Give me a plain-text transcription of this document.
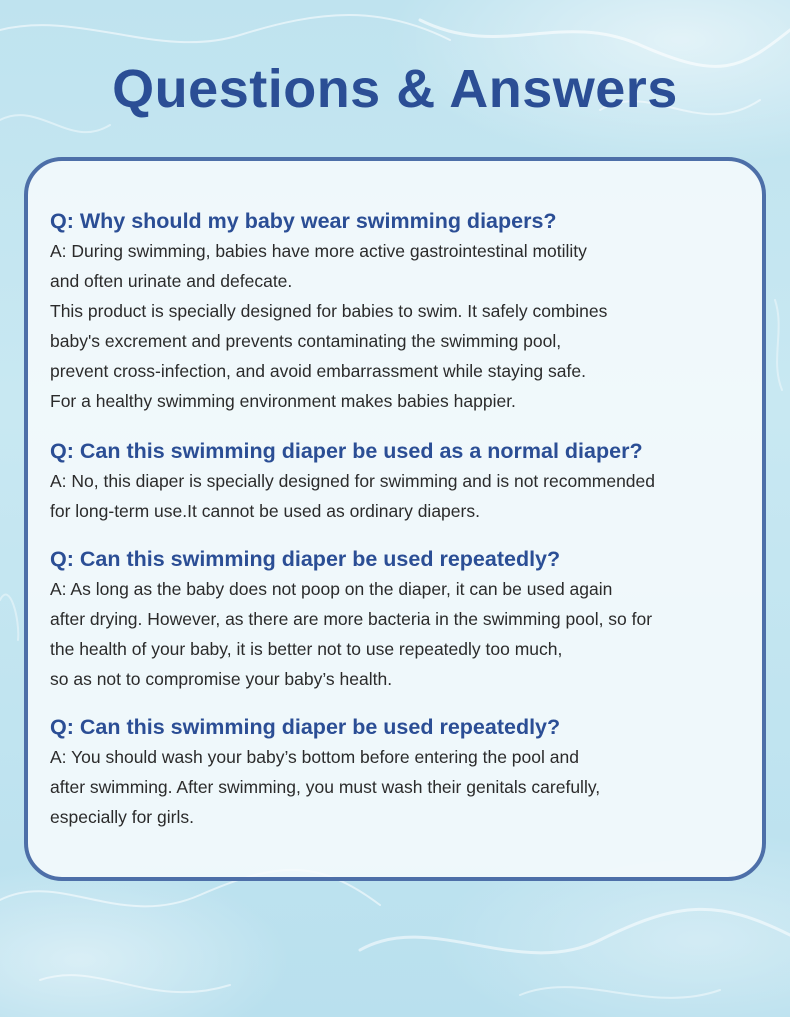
Questions & Answers

Q: Why should my baby wear swimming diapers?

A: During swimming, babies have more active gastrointestinal motility

and often urinate and defecate.

This product is specially designed for babies to swim. It safely combines

baby's excrement and prevents contaminating the swimming pool,

prevent cross-infection, and avoid embarrassment while staying safe.

For a healthy swimming environment makes babies happier.

Q: Can this swimming diaper be used as a normal diaper?

A: No, this diaper is specially designed for swimming and is not recommended

for long-term use.It cannot be used as ordinary diapers.

Q: Can this swimming diaper be used repeatedly?

A: As long as the baby does not poop on the diaper, it can be used again

after drying. However, as there are more bacteria in the swimming pool, so for

the health of your baby, it is better not to use repeatedly too much,

so as not to compromise your baby’s health.

Q: Can this swimming diaper be used repeatedly?

A: You should wash your baby’s bottom before entering the pool and

after swimming. After swimming, you must wash their genitals carefully,

especially for girls.
